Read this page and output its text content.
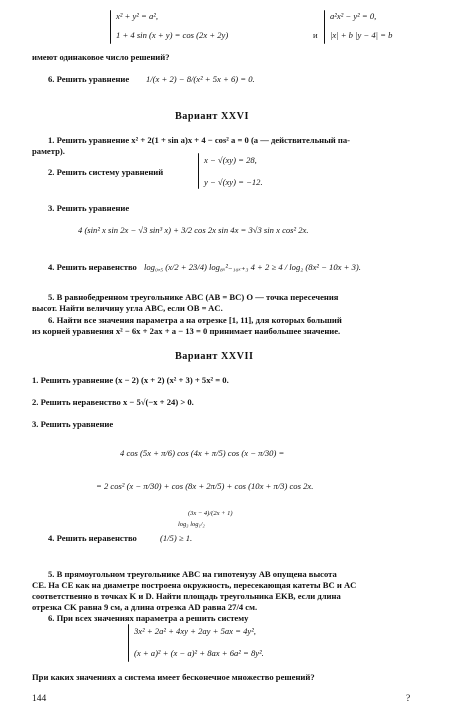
x² + y² = a²,
1 + 4 sin (x + y) = cos (2x + 2y)	и
a²x² − y² = 0,
|x| + b |y − 4| = b
имеют одинаковое число решений?
6. Решить уравнение 1/(x + 2) − 8/(x² + 5x + 6) = 0.
Вариант XXVI
1. Решить уравнение x² + 2(1 + sin a)x + 4 − cos² a = 0 (a — действительный па-
раметр).
2. Решить систему уравнений
x − √(xy) = 28,
y − √(xy) = −12.
3. Решить уравнение
4 (sin² x sin 2x − √3 sin³ x) + 3/2 cos 2x sin 4x = 3√3 sin x cos² 2x.
4. Решить неравенство log₀,₅ (x/2 + 23/4) log₈ₓ²₋₁₀ₓ₊₃ 4 + 2 ≥ 4 / log₂ (8x² − 10x + 3).
5. В равнобедренном треугольнике ABC (AB = BC) O — точка пересечения
высот. Найти величину угла ABC, если OB = AC.
6. Найти все значения параметра a на отрезке [1, 11], для которых больший
из корней уравнения x² − 6x + 2ax + a − 13 = 0 принимает наибольшее значение.
Вариант XXVII
1. Решить уравнение (x − 2) (x + 2) (x² + 3) + 5x² = 0.
2. Решить неравенство x − 5√(−x + 24) > 0.
3. Решить уравнение
4 cos (5x + π/6) cos (4x + π/5) cos (x − π/30) =
= 2 cos² (x − π/30) + cos (8x + 2π/5) + cos (10x + π/3) cos 2x.
4. Решить неравенство
(3x − 4)/(2x + 1)
log₃ log₁/₂
(1/5) ≥ 1.
5. В прямоугольном треугольнике ABC на гипотенузу AB опущена высота
CE. На CE как на диаметре построена окружность, пересекающая катеты BC и AC
соответственно в точках K и D. Найти площадь треугольника EKB, если длина
отрезка CK равна 9 см, а длина отрезка AD равна 27/4 см.
6. При всех значениях параметра a решить систему
3x² + 2a² + 4xy + 2ay + 5ax = 4y²,
(x + a)² + (x − a)² + 8ax + 6a² = 8y².
При каких значениях a система имеет бесконечное множество решений?
144	?
